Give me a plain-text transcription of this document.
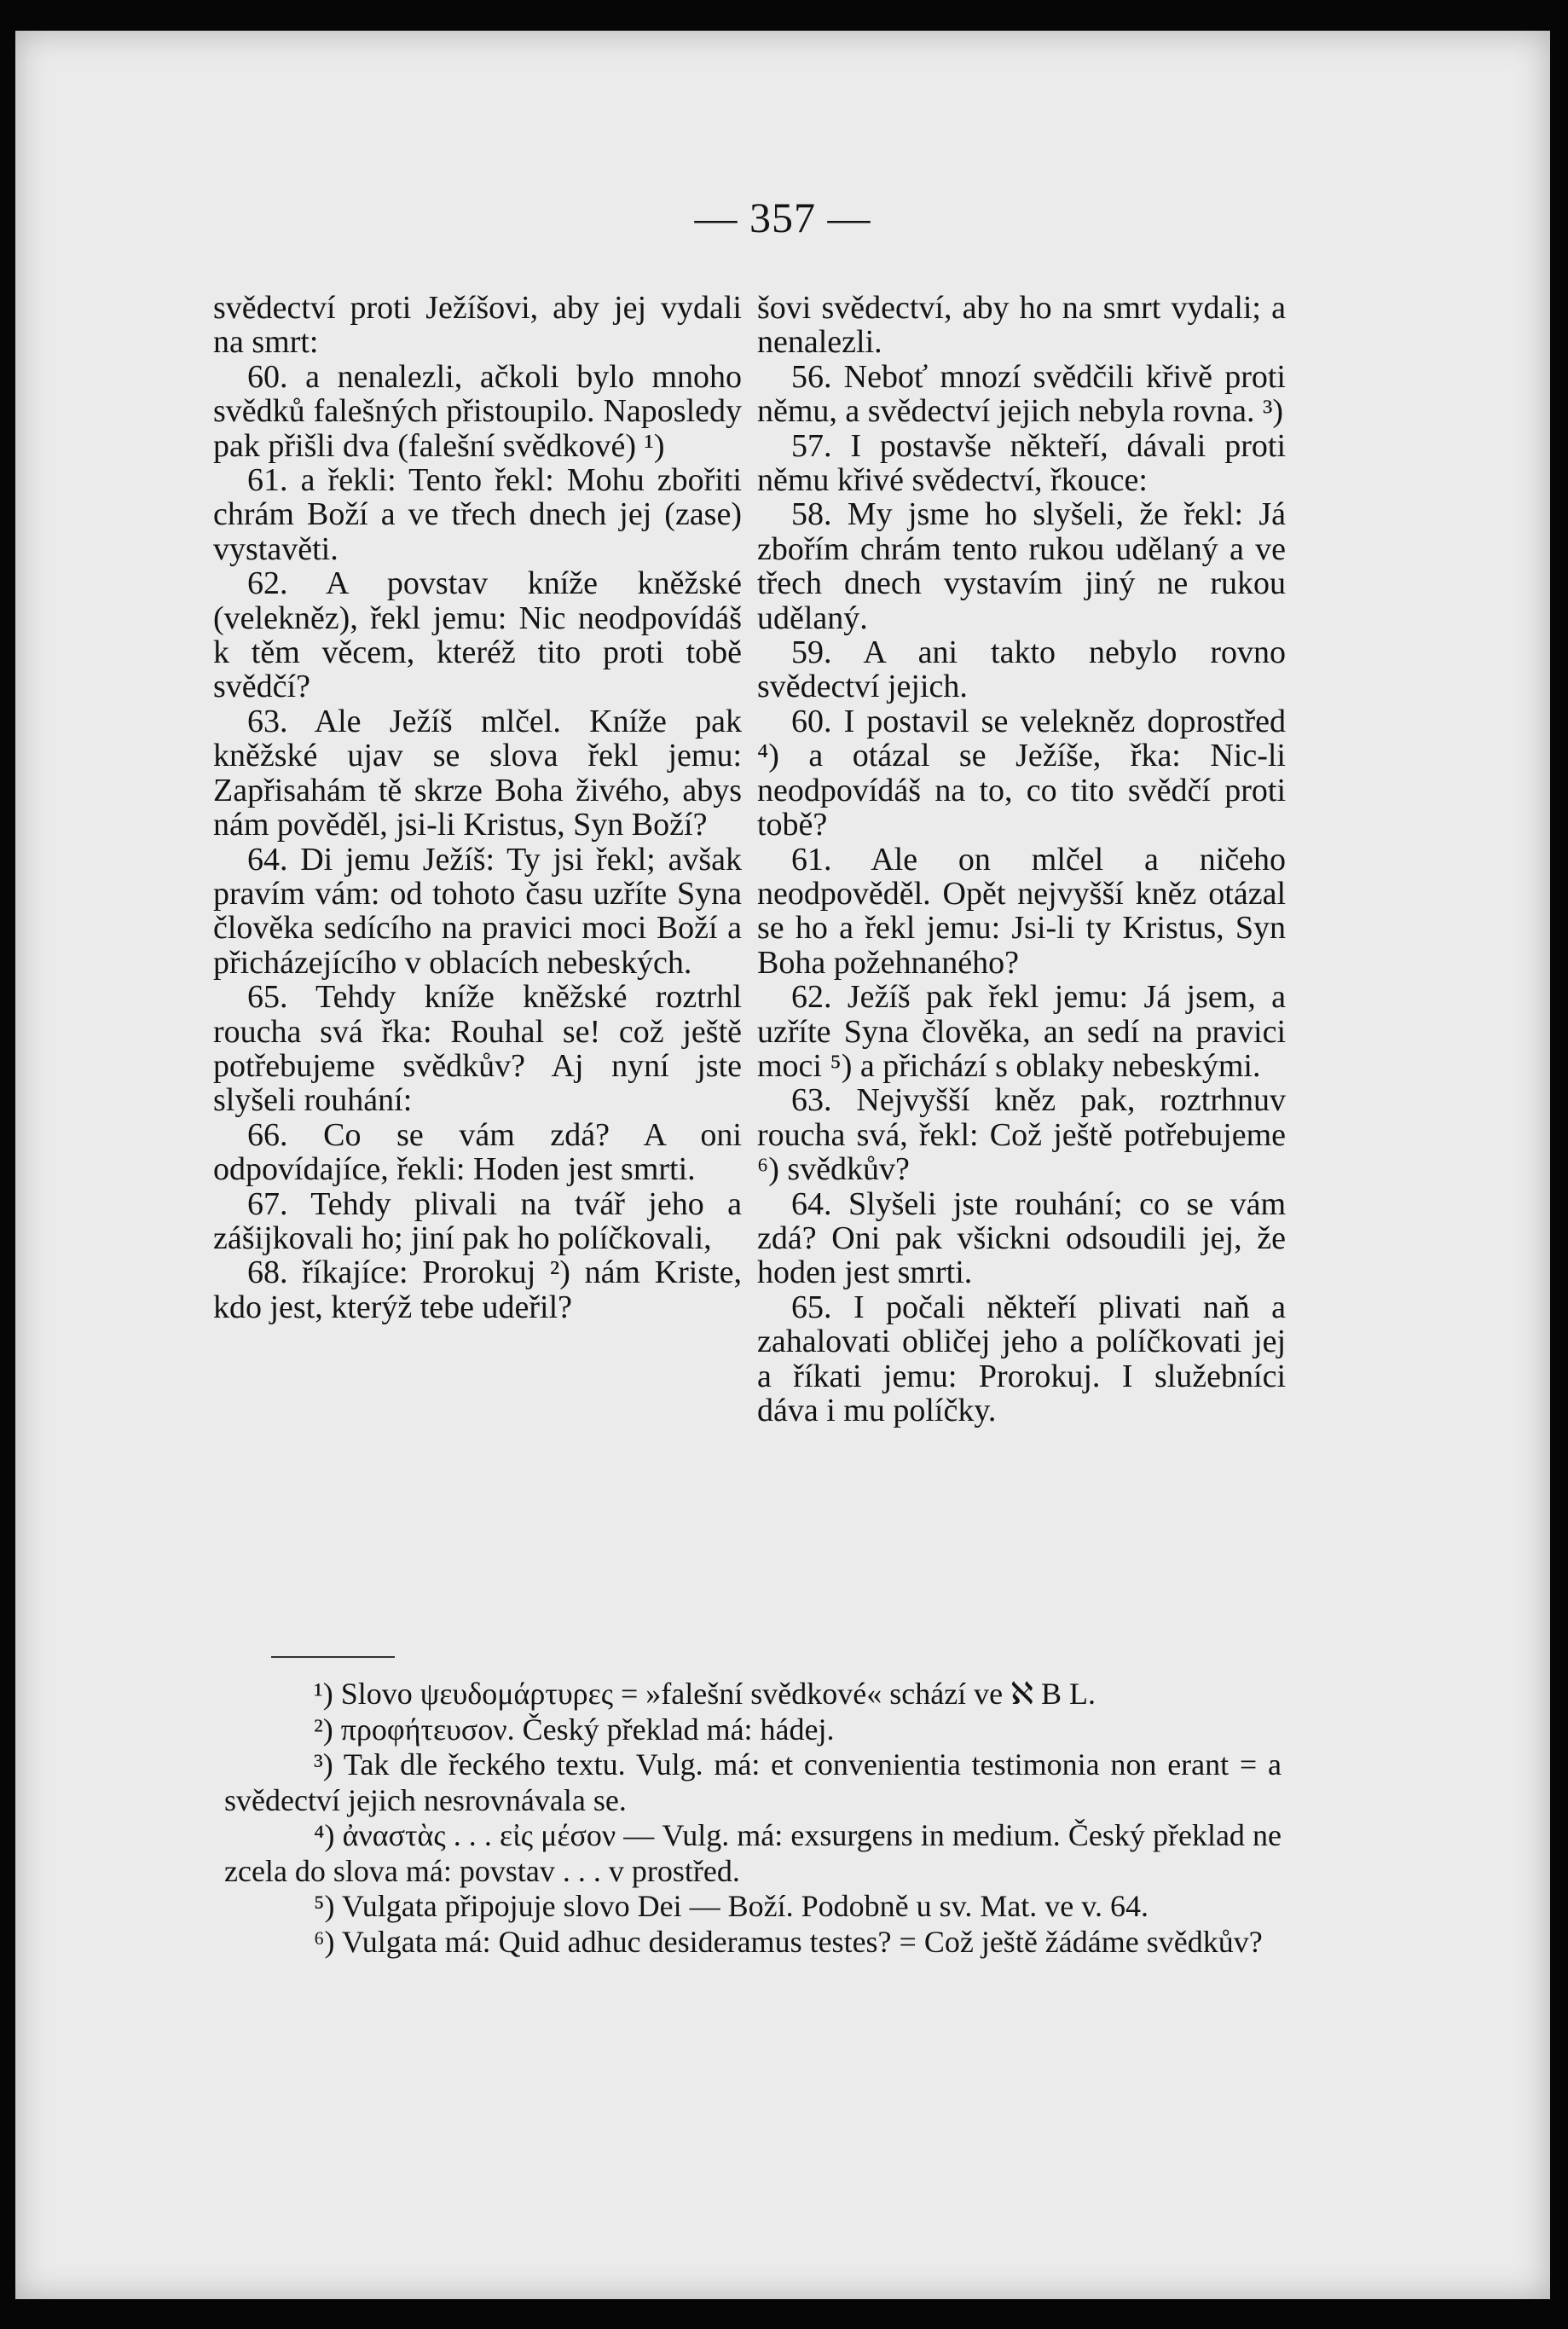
— 357 —

svědectví proti Ježíšovi, aby jej vydali na smrt:

60. a nenalezli, ačkoli bylo mnoho svědků falešných přistoupilo. Naposledy pak přišli dva (falešní svědkové) ¹)

61. a řekli: Tento řekl: Mohu zbořiti chrám Boží a ve třech dnech jej (zase) vystavěti.

62. A povstav kníže kněžské (velekněz), řekl jemu: Nic neodpovídáš k těm věcem, kteréž tito proti tobě svědčí?

63. Ale Ježíš mlčel. Kníže pak kněžské ujav se slova řekl jemu: Zapřisahám tě skrze Boha živého, abys nám pověděl, jsi-li Kristus, Syn Boží?

64. Di jemu Ježíš: Ty jsi řekl; avšak pravím vám: od tohoto času uzříte Syna člověka sedícího na pravici moci Boží a přicházejícího v oblacích nebeských.

65. Tehdy kníže kněžské roztrhl roucha svá řka: Rouhal se! což ještě potřebujeme svědkův? Aj nyní jste slyšeli rouhání:

66. Co se vám zdá? A oni odpovídajíce, řekli: Hoden jest smrti.

67. Tehdy plivali na tvář jeho a zášijkovali ho; jiní pak ho políčkovali,

68. říkajíce: Prorokuj ²) nám Kriste, kdo jest, kterýž tebe udeřil?

šovi svědectví, aby ho na smrt vydali; a nenalezli.

56. Neboť mnozí svědčili křivě proti němu, a svědectví jejich nebyla rovna. ³)

57. I postavše někteří, dávali proti němu křivé svědectví, řkouce:

58. My jsme ho slyšeli, že řekl: Já zbořím chrám tento rukou udělaný a ve třech dnech vystavím jiný ne rukou udělaný.

59. A ani takto nebylo rovno svědectví jejich.

60. I postavil se velekněz doprostřed ⁴) a otázal se Ježíše, řka: Nic-li neodpovídáš na to, co tito svědčí proti tobě?

61. Ale on mlčel a ničeho neodpověděl. Opět nejvyšší kněz otázal se ho a řekl jemu: Jsi-li ty Kristus, Syn Boha požehnaného?

62. Ježíš pak řekl jemu: Já jsem, a uzříte Syna člověka, an sedí na pravici moci ⁵) a přichází s oblaky nebeskými.

63. Nejvyšší kněz pak, roztrhnuv roucha svá, řekl: Což ještě potřebujeme ⁶) svědkův?

64. Slyšeli jste rouhání; co se vám zdá? Oni pak všickni odsoudili jej, že hoden jest smrti.

65. I počali někteří plivati naň a zahalovati obličej jeho a políčkovati jej a říkati jemu: Prorokuj. I služebníci dáva i mu políčky.

¹) Slovo ψευδομάρτυρες = »falešní svědkové« schází ve ℵ B L.

²) προφήτευσον. Český překlad má: hádej.

³) Tak dle řeckého textu. Vulg. má: et convenientia testimonia non erant = a svědectví jejich nesrovnávala se.

⁴) ἀναστὰς . . . εἰς μέσον — Vulg. má: exsurgens in medium. Český překlad ne zcela do slova má: povstav . . . v prostřed.

⁵) Vulgata připojuje slovo Dei — Boží. Podobně u sv. Mat. ve v. 64.

⁶) Vulgata má: Quid adhuc desideramus testes? = Což ještě žádáme svědkův?
